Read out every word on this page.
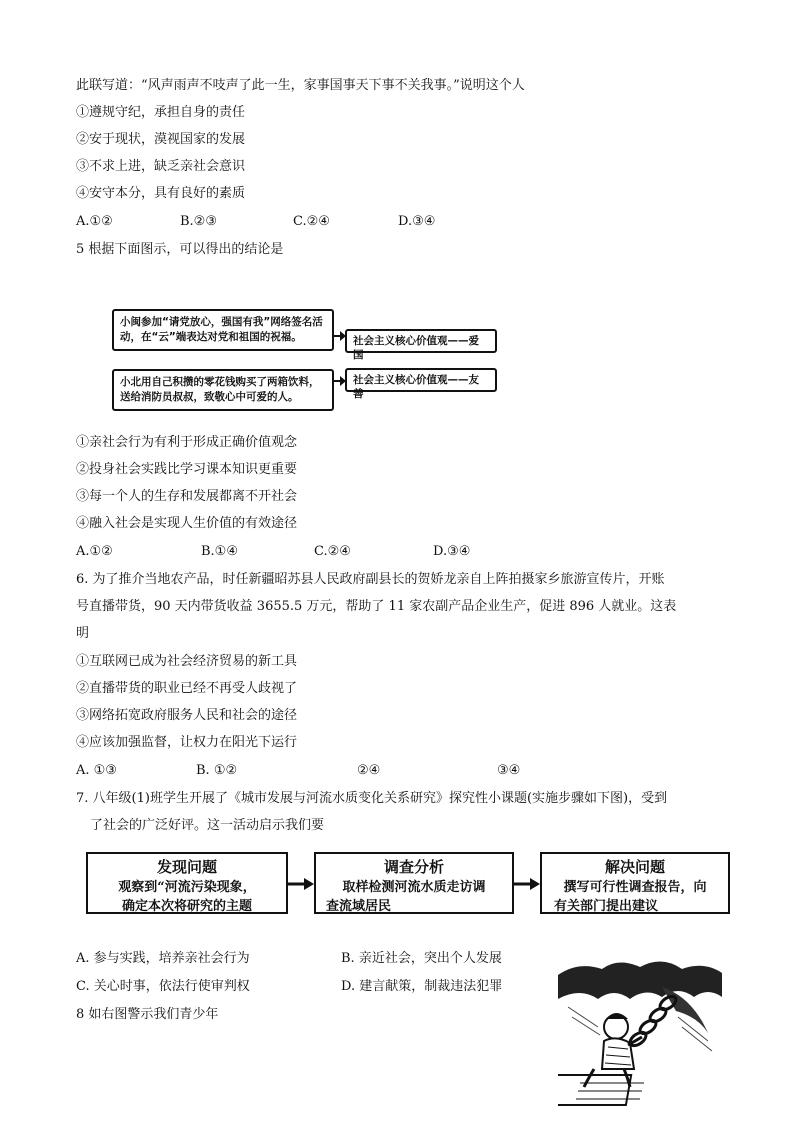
此联写道：“风声雨声不吱声了此一生，家事国事天下事不关我事。”说明这个人
①遵规守纪，承担自身的责任
②安于现状，漠视国家的发展
③不求上进，缺乏亲社会意识
④安守本分，具有良好的素质
A.①②	B.②③	C.②④	D.③④
5 根据下面图示，可以得出的结论是
小闽参加“请党放心，强国有我”网络签名活动，在“云”端表达对党和祖国的祝福。	社会主义核心价值观——爱国
小北用自己积攒的零花钱购买了两箱饮料，送给消防员叔叔，致敬心中可爱的人。
社会主义核心价值观——友善
①亲社会行为有利于形成正确价值观念
②投身社会实践比学习课本知识更重要
③每一个人的生存和发展都离不开社会
④融入社会是实现人生价值的有效途径
A.①②	B.①④	C.②④	D.③④
6. 为了推介当地农产品，时任新疆昭苏县人民政府副县长的贺娇龙亲自上阵拍摄家乡旅游宣传片，开账
号直播带货，90 天内带货收益 3655.5 万元，帮助了 11 家农副产品企业生产，促进 896 人就业。这表
明
①互联网已成为社会经济贸易的新工具
②直播带货的职业已经不再受人歧视了
③网络拓宽政府服务人民和社会的途径
④应该加强监督，让权力在阳光下运行
A. ①③	B. ①②	②④	③④
7. 八年级(1)班学生开展了《城市发展与河流水质变化关系研究》探究性小课题(实施步骤如下图)，受到
了社会的广泛好评。这一活动启示我们要
发现问题
观察到“河流污染现象，
确定本次将研究的主题
调查分析
取样检测河流水质走访调
查流域居民
解决问题
撰写可行性调查报告，向
有关部门提出建议
A. 参与实践，培养亲社会行为	B. 亲近社会，突出个人发展
C. 关心时事，依法行使审判权	D. 建言献策，制裁违法犯罪
8 如右图警示我们青少年
